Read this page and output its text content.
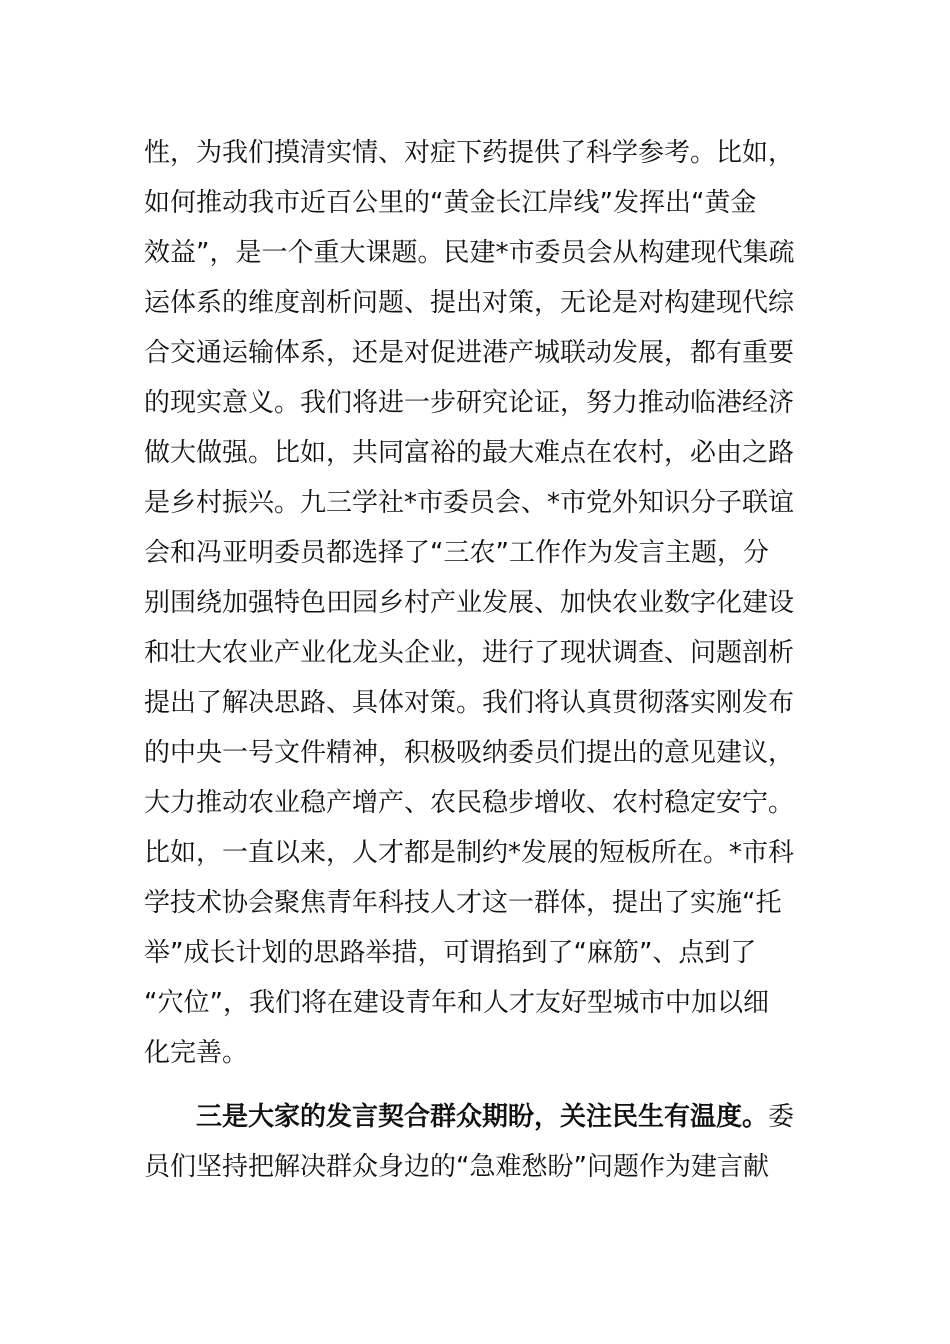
性，为我们摸清实情、对症下药提供了科学参考。比如，
如何推动我市近百公里的“黄金长江岸线”发挥出“黄金
效益”，是一个重大课题。民建*市委员会从构建现代集疏
运体系的维度剖析问题、提出对策，无论是对构建现代综
合交通运输体系，还是对促进港产城联动发展，都有重要
的现实意义。我们将进一步研究论证，努力推动临港经济
做大做强。比如，共同富裕的最大难点在农村，必由之路
是乡村振兴。九三学社*市委员会、*市党外知识分子联谊
会和冯亚明委员都选择了“三农”工作作为发言主题，分
别围绕加强特色田园乡村产业发展、加快农业数字化建设
和壮大农业产业化龙头企业，进行了现状调查、问题剖析
提出了解决思路、具体对策。我们将认真贯彻落实刚发布
的中央一号文件精神，积极吸纳委员们提出的意见建议，
大力推动农业稳产增产、农民稳步增收、农村稳定安宁。
比如，一直以来，人才都是制约*发展的短板所在。*市科
学技术协会聚焦青年科技人才这一群体，提出了实施“托
举”成长计划的思路举措，可谓掐到了“麻筋”、点到了
“穴位”，我们将在建设青年和人才友好型城市中加以细
化完善。
三是大家的发言契合群众期盼，关注民生有温度。委
员们坚持把解决群众身边的“急难愁盼”问题作为建言献
